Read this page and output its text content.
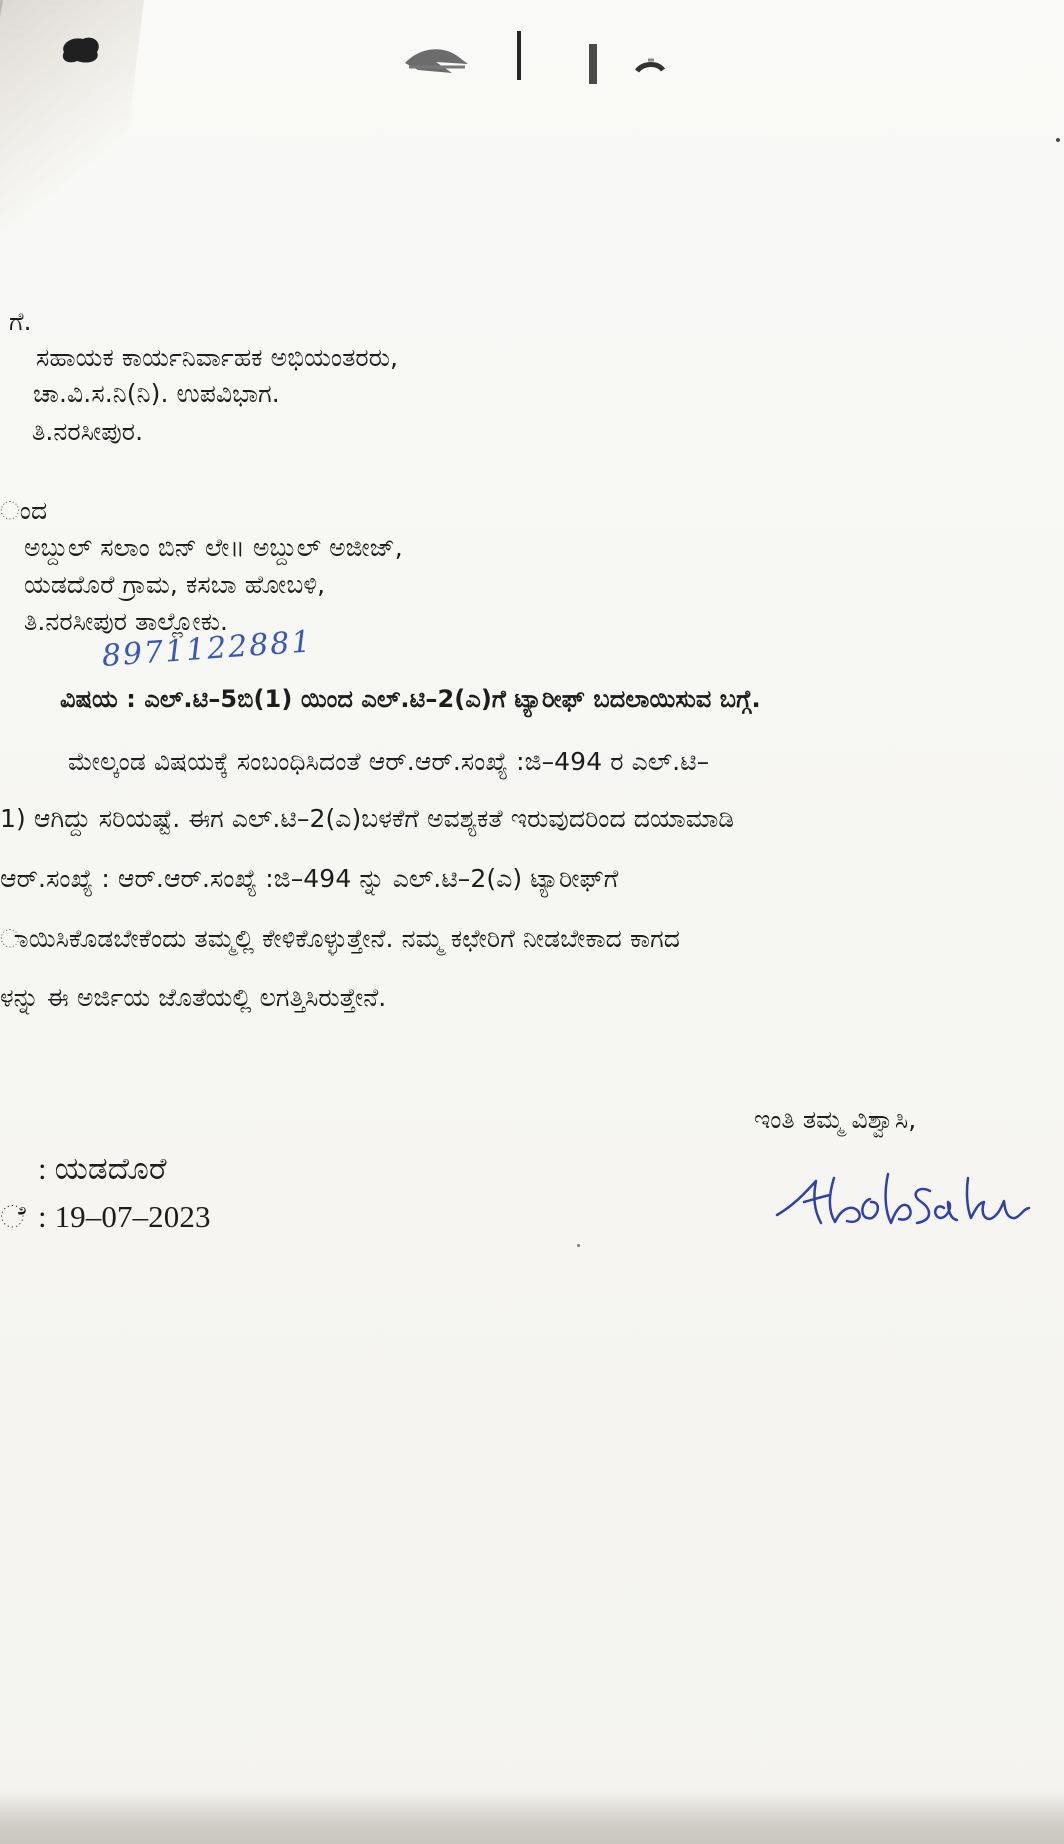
ಗೆ.
ಸಹಾಯಕ ಕಾರ್ಯನಿರ್ವಾಹಕ ಅಭಿಯಂತರರು,
ಚಾ.ವಿ.ಸ.ನಿ(ನಿ). ಉಪವಿಭಾಗ.
ತಿ.ನರಸೀಪುರ.
ಂದ
ಅಬ್ದುಲ್ ಸಲಾಂ ಬಿನ್ ಲೇ॥ ಅಬ್ದುಲ್ ಅಜೀಜ್,
ಯಡದೊರೆ ಗ್ರಾಮ, ಕಸಬಾ ಹೋಬಳಿ,
ತಿ.ನರಸೀಪುರ ತಾಲ್ಲೋಕು.
8971122881
ವಿಷಯ : ಎಲ್.ಟಿ–5ಬಿ(1) ಯಿಂದ ಎಲ್.ಟಿ–2(ಎ)ಗೆ ಟ್ಯಾರೀಫ್ ಬದಲಾಯಿಸುವ ಬಗ್ಗೆ.
ಮೇಲ್ಕಂಡ ವಿಷಯಕ್ಕೆ ಸಂಬಂಧಿಸಿದಂತೆ ಆರ್.ಆರ್.ಸಂಖ್ಯೆ :ಜಿ–494 ರ ಎಲ್.ಟಿ–
1) ಆಗಿದ್ದು ಸರಿಯಷ್ಟೆ. ಈಗ ಎಲ್.ಟಿ–2(ಎ)ಬಳಕೆಗೆ ಅವಶ್ಯಕತೆ ಇರುವುದರಿಂದ ದಯಾಮಾಡಿ
ಆರ್.ಸಂಖ್ಯೆ : ಆರ್.ಆರ್.ಸಂಖ್ಯೆ :ಜಿ–494 ನ್ನು ಎಲ್.ಟಿ–2(ಎ) ಟ್ಯಾರೀಫ್‌ಗೆ
ಾಯಿಸಿಕೊಡಬೇಕೆಂದು ತಮ್ಮಲ್ಲಿ ಕೇಳಿಕೊಳ್ಳುತ್ತೇನೆ. ನಮ್ಮ ಕಛೇರಿಗೆ ನೀಡಬೇಕಾದ ಕಾಗದ
ಳನ್ನು ಈ ಅರ್ಜಿಯ ಜೊತೆಯಲ್ಲಿ ಲಗತ್ತಿಸಿರುತ್ತೇನೆ.
ಇಂತಿ ತಮ್ಮ ವಿಶ್ವಾಸಿ,
: ಯಡದೊರೆ
ೆ : 19–07–2023
